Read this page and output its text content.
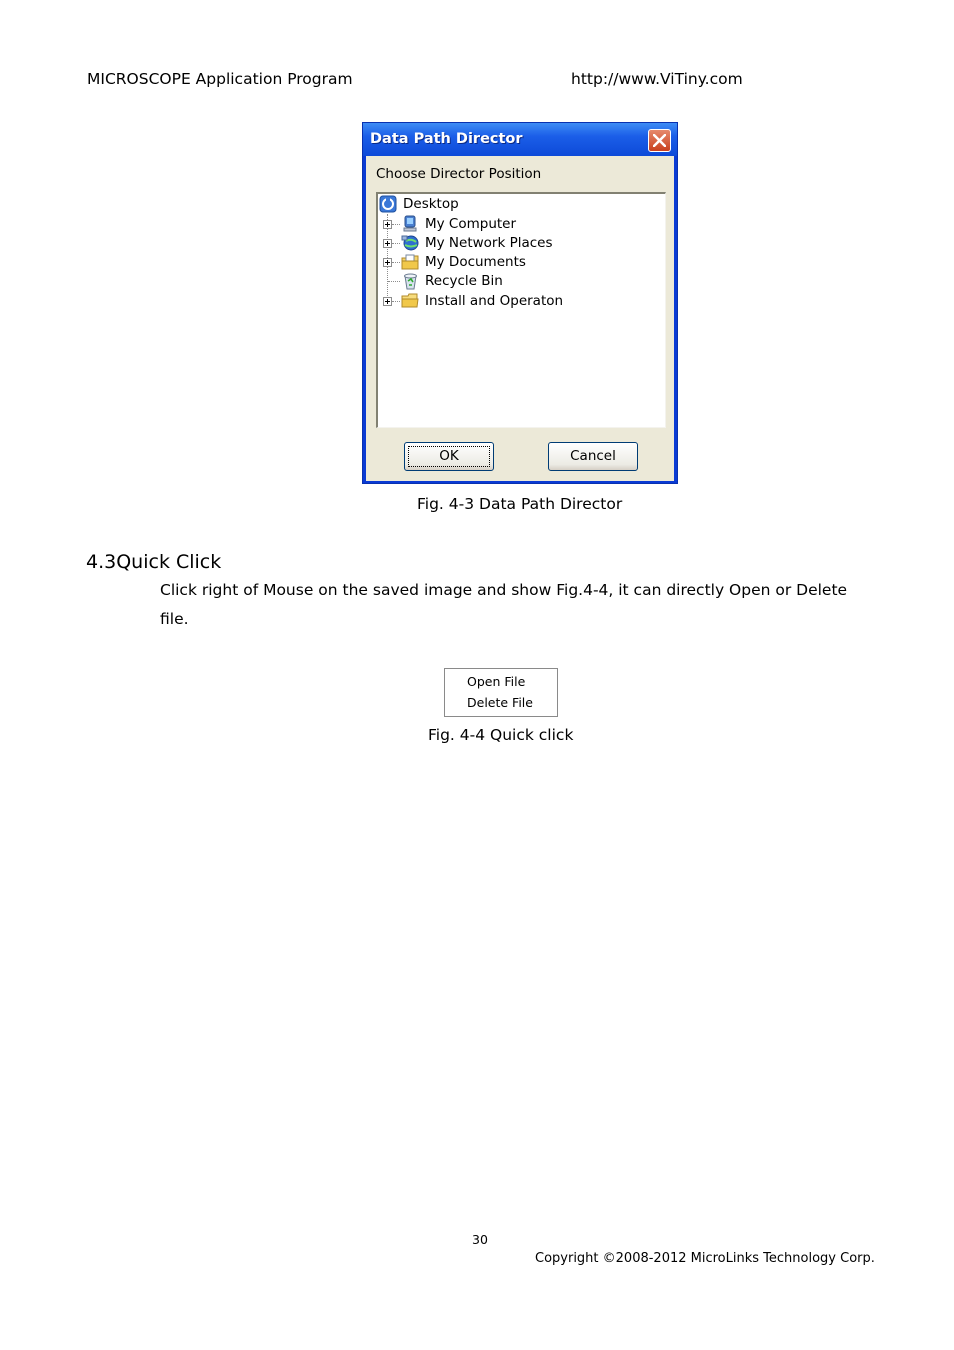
MICROSCOPE Application Program	http://www.ViTiny.com
Data Path Director
Choose Director Position
Desktop
My Computer
My Network Places
My Documents
Recycle Bin
Install and Operaton
OK	Cancel
Fig. 4-3 Data Path Director
4.3Quick Click
Click right of Mouse on the saved image and show Fig.4-4, it can directly Open or Delete
file.
Open File
Delete File
Fig. 4-4 Quick click
30
Copyright ©2008-2012 MicroLinks Technology Corp.
